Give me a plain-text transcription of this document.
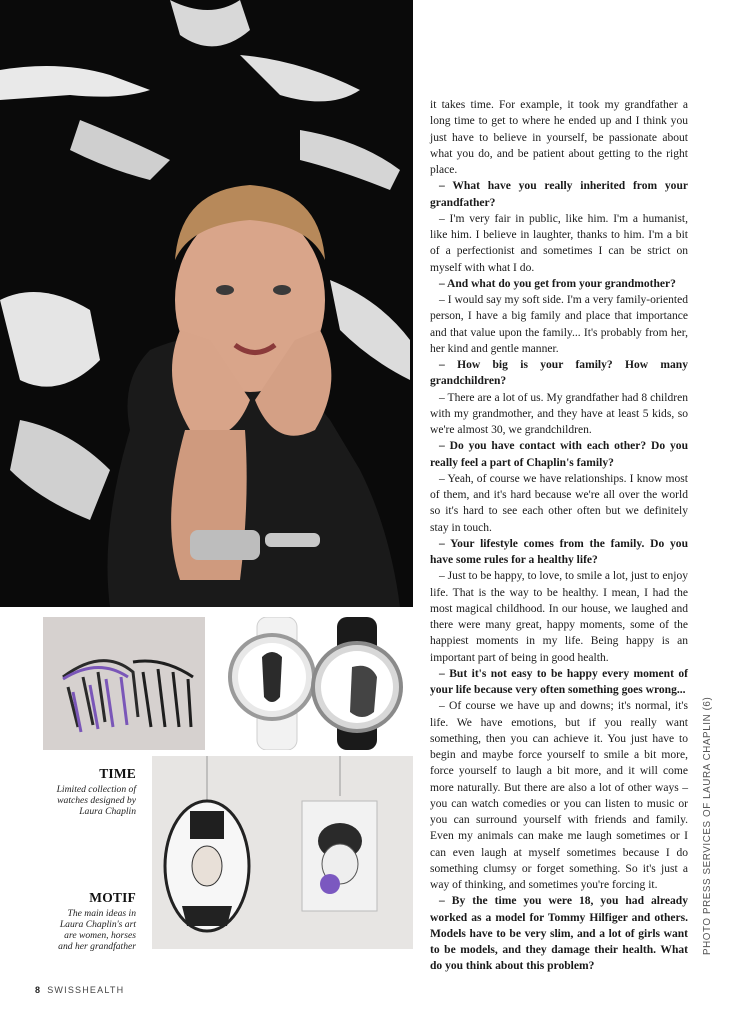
TIME
Limited collection of
watches designed by
Laura Chaplin
MOTIF
The main ideas in
Laura Chaplin's art
are women, horses
and her grandfather

it takes time. For example, it took my grandfather a long time to get to where he ended up and I think you just have to believe in yourself, be passionate about what you do, and be patient about getting to the right place.

– What have you really inherited from your grandfather?

– I'm very fair in public, like him. I'm a humanist, like him. I believe in laughter, thanks to him. I'm a bit of a perfectionist and sometimes I can be strict on myself with what I do.

– And what do you get from your grandmother?

– I would say my soft side. I'm a very family-oriented person, I have a big family and place that importance and that value upon the family... It's probably from her, her kind and gentle manner.

– How big is your family? How many grandchildren?

– There are a lot of us. My grandfather had 8 children with my grandmother, and they have at least 5 kids, so we're almost 30, we grandchildren.

– Do you have contact with each other? Do you really feel a part of Chaplin's family?

– Yeah, of course we have relationships. I know most of them, and it's hard because we're all over the world so it's hard to see each other often but we definitely stay in touch.

– Your lifestyle comes from the family. Do you have some rules for a healthy life?

– Just to be happy, to love, to smile a lot, just to enjoy life. That is the way to be healthy. I mean, I had the most magical childhood. In our house, we laughed and there were many great, happy moments, some of the happiest moments in my life. Being happy is an important part of being in good health.

– But it's not easy to be happy every moment of your life because very often something goes wrong...

– Of course we have up and downs; it's normal, it's life. We have emotions, but if you really want something, then you can achieve it. You just have to begin and maybe force yourself to smile a bit more, force yourself to laugh a bit more, and it will come more naturally. But there are also a lot of other ways – you can watch comedies or you can listen to music or you can surround yourself with friends and family. Even my animals can make me laugh sometimes or I can even laugh at myself sometimes because I do something clumsy or forget something. So it's just a way of thinking, and sometimes you're forcing it.

– By the time you were 18, you had already worked as a model for Tommy Hilfiger and others. Models have to be very slim, and a lot of girls want to be models, and they damage their health. What do you think about this problem?

8 SWISSHEALTH
PHOTO PRESS SERVICES OF LAURA CHAPLIN (6)
